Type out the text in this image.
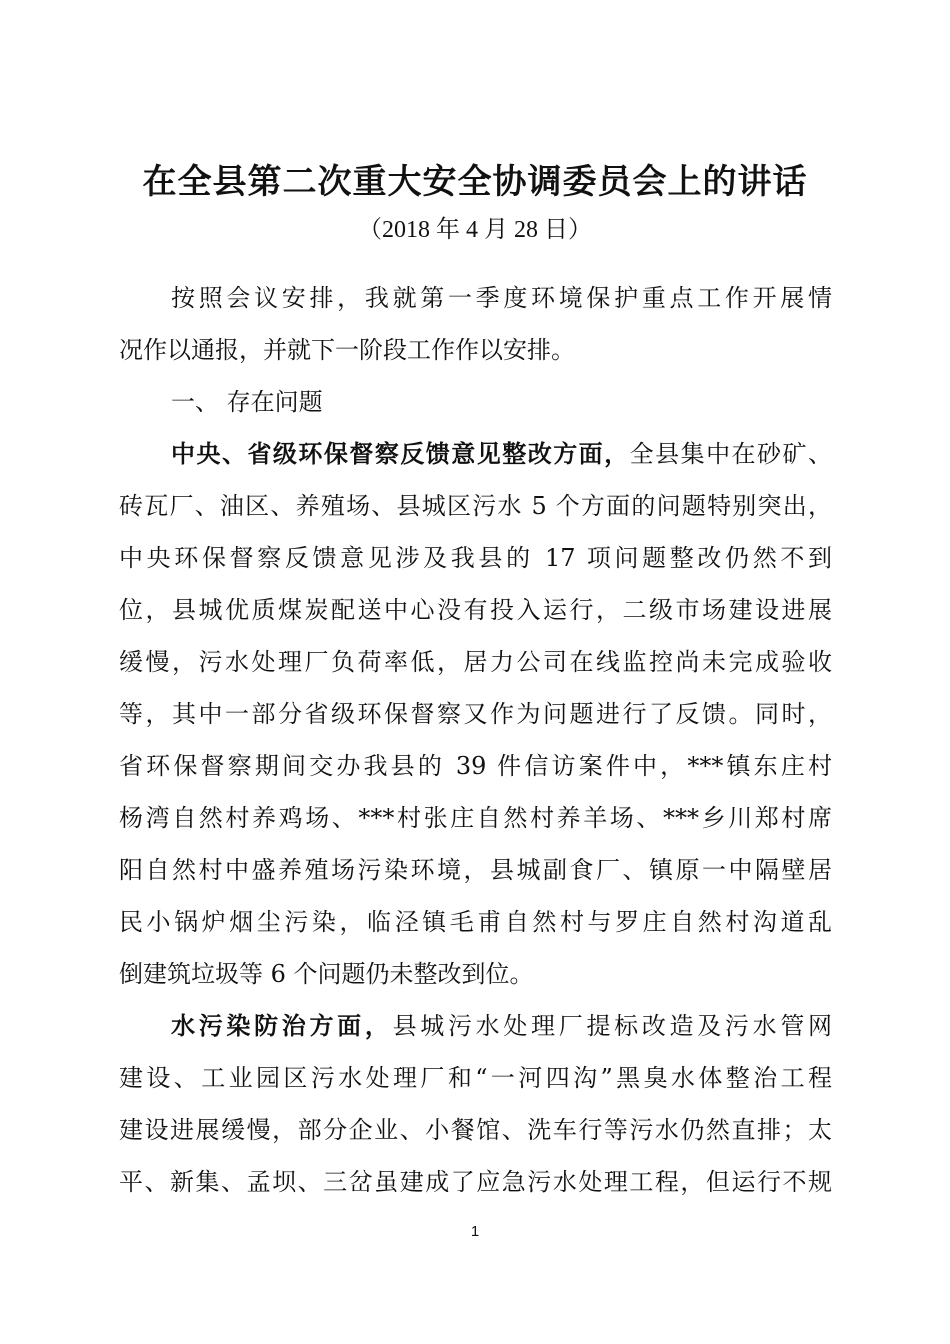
在全县第二次重大安全协调委员会上的讲话
（2018 年 4 月 28 日）
按照会议安排，我就第一季度环境保护重点工作开展情
况作以通报，并就下一阶段工作作以安排。
一、 存在问题
中央、省级环保督察反馈意见整改方面，全县集中在砂矿、
砖瓦厂、油区、养殖场、县城区污水 5 个方面的问题特别突出，
中央环保督察反馈意见涉及我县的 17 项问题整改仍然不到
位，县城优质煤炭配送中心没有投入运行，二级市场建设进展
缓慢，污水处理厂负荷率低，居力公司在线监控尚未完成验收
等，其中一部分省级环保督察又作为问题进行了反馈。同时，
省环保督察期间交办我县的 39 件信访案件中，***镇东庄村
杨湾自然村养鸡场、***村张庄自然村养羊场、***乡川郑村席
阳自然村中盛养殖场污染环境，县城副食厂、镇原一中隔壁居
民小锅炉烟尘污染，临泾镇毛甫自然村与罗庄自然村沟道乱
倒建筑垃圾等 6 个问题仍未整改到位。
水污染防治方面，县城污水处理厂提标改造及污水管网
建设、工业园区污水处理厂和“一河四沟”黑臭水体整治工程
建设进展缓慢，部分企业、小餐馆、洗车行等污水仍然直排；太
平、新集、孟坝、三岔虽建成了应急污水处理工程，但运行不规
1
